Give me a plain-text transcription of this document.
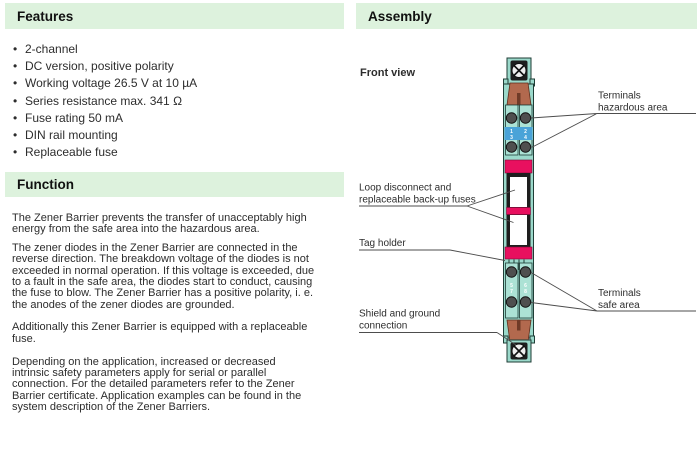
Features
• 2-channel
• DC version, positive polarity
• Working voltage 26.5 V at 10 µA
• Series resistance max. 341 Ω
• Fuse rating 50 mA
• DIN rail mounting
• Replaceable fuse
Function
The Zener Barrier prevents the transfer of unacceptably high
energy from the safe area into the hazardous area.
The zener diodes in the Zener Barrier are connected in the
reverse direction. The breakdown voltage of the diodes is not
exceeded in normal operation. If this voltage is exceeded, due
to a fault in the safe area, the diodes start to conduct, causing
the fuse to blow. The Zener Barrier has a positive polarity, i. e.
the anodes of the zener diodes are grounded.
Additionally this Zener Barrier is equipped with a replaceable
fuse.
Depending on the application, increased or decreased
intrinsic safety parameters apply for serial or parallel
connection. For the detailed parameters refer to the Zener
Barrier certificate. Application examples can be found in the
system description of the Zener Barriers.
Assembly
1 2
3 4
5 6
7 8
Front view
Terminals
hazardous area
Loop disconnect and
replaceable back-up fuses
Tag holder
Shield and ground
connection
Terminals
safe area
